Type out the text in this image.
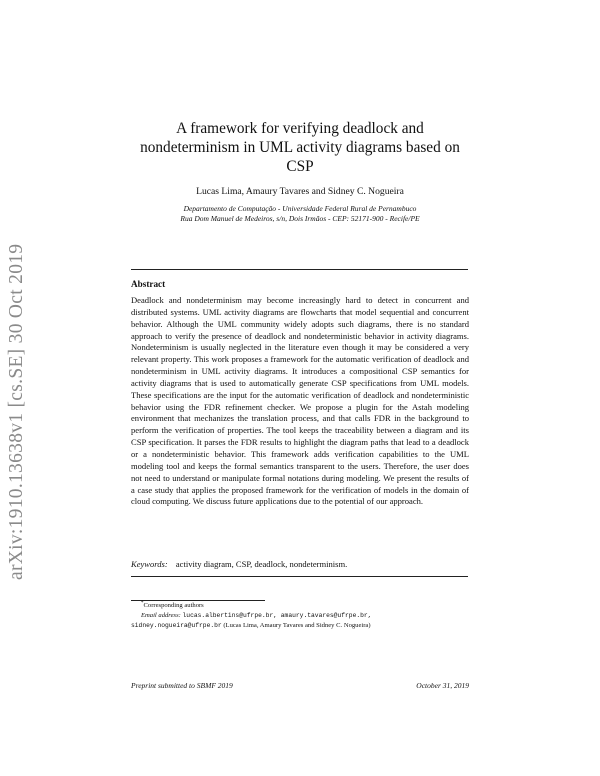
arXiv:1910.13638v1 [cs.SE] 30 Oct 2019
A framework for verifying deadlock and
nondeterminism in UML activity diagrams based on
CSP
Lucas Lima, Amaury Tavares and Sidney C. Nogueira
Departamento de Computação - Universidade Federal Rural de Pernambuco
Rua Dom Manuel de Medeiros, s/n, Dois Irmãos - CEP: 52171-900 - Recife/PE
Abstract

Deadlock and nondeterminism may become increasingly hard to detect in concurrent and distributed systems. UML activity diagrams are flowcharts that model sequential and concurrent behavior. Although the UML community widely adopts such diagrams, there is no standard approach to verify the presence of deadlock and nondeterministic behavior in activity diagrams. Nondeterminism is usually neglected in the literature even though it may be considered a very relevant property. This work proposes a framework for the automatic verification of deadlock and nondeterminism in UML activity diagrams. It introduces a compositional CSP semantics for activity diagrams that is used to automatically generate CSP specifications from UML models. These specifications are the input for the automatic verification of deadlock and nondeterministic behavior using the FDR refinement checker. We propose a plugin for the Astah modeling environment that mechanizes the translation process, and that calls FDR in the background to perform the verification of properties. The tool keeps the traceability between a diagram and its CSP specification. It parses the FDR results to highlight the diagram paths that lead to a deadlock or a nondeterministic behavior. This framework adds verification capabilities to the UML modeling tool and keeps the formal semantics transparent to the users. Therefore, the user does not need to understand or manipulate formal notations during modeling. We present the results of a case study that applies the proposed framework for the verification of models in the domain of cloud computing. We discuss future applications due to the potential of our approach.

Keywords: activity diagram, CSP, deadlock, nondeterminism.
*Corresponding authors
Email address: lucas.albertins@ufrpe.br, amaury.tavares@ufrpe.br,
sidney.nogueira@ufrpe.br (Lucas Lima, Amaury Tavares and Sidney C. Nogueira)
Preprint submitted to SBMF 2019	October 31, 2019
